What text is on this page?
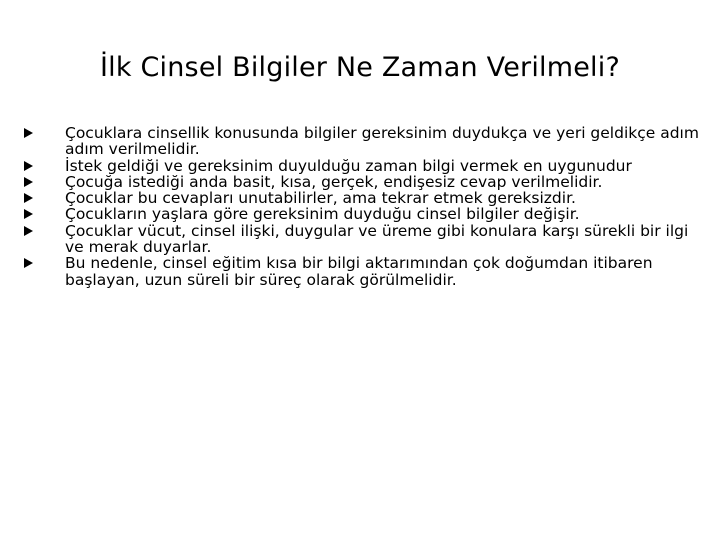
İlk Cinsel Bilgiler Ne Zaman Verilmeli?
Çocuklara cinsellik konusunda bilgiler gereksinim duydukça ve yeri geldikçe adım adım verilmelidir.
İstek geldiği ve gereksinim duyulduğu zaman bilgi vermek en uygunudur
Çocuğa istediği anda basit, kısa, gerçek, endişesiz cevap verilmelidir.
Çocuklar bu cevapları unutabilirler, ama tekrar etmek gereksizdir.
Çocukların yaşlara göre gereksinim duyduğu cinsel bilgiler değişir.
Çocuklar vücut, cinsel ilişki, duygular ve üreme gibi konulara karşı sürekli bir ilgi ve merak duyarlar.
Bu nedenle, cinsel eğitim kısa bir bilgi aktarımından çok doğumdan itibaren başlayan, uzun süreli bir süreç olarak görülmelidir.
